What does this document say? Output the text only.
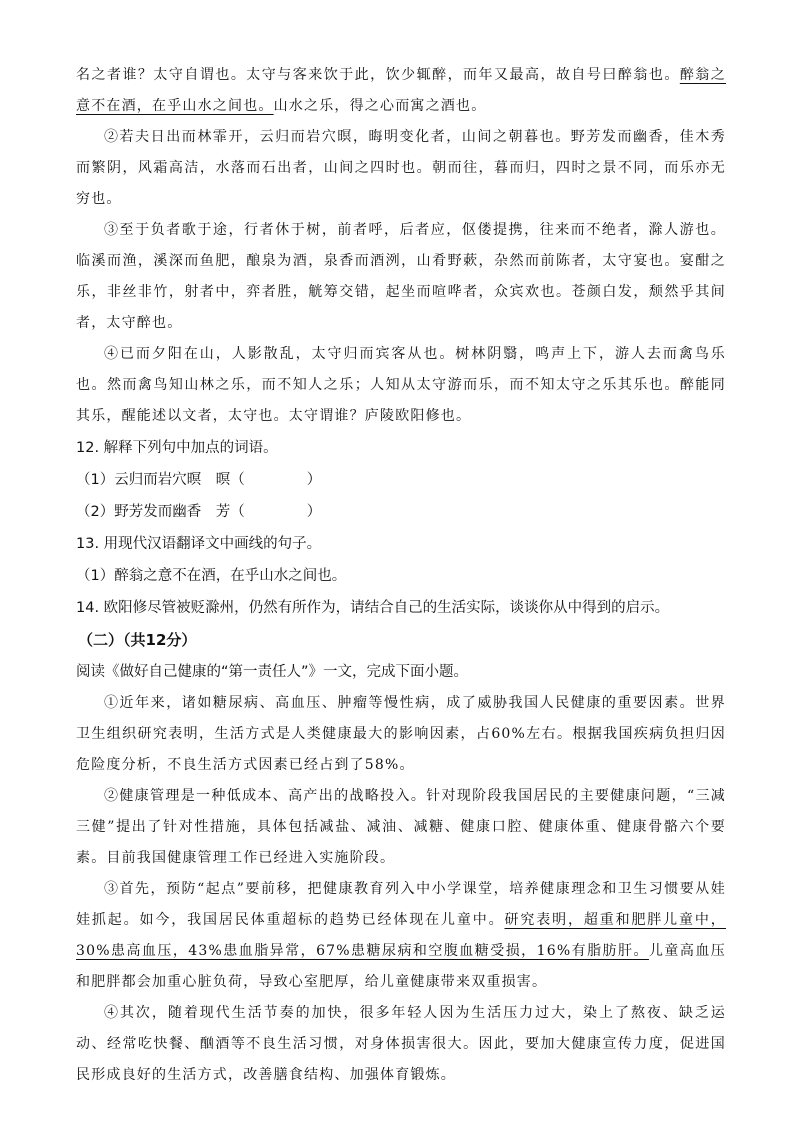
名之者谁？太守自谓也。太守与客来饮于此，饮少辄醉，而年又最高，故自号曰醉翁也。醉翁之意不在酒，在乎山水之间也。山水之乐，得之心而寓之酒也。

②若夫日出而林霏开，云归而岩穴暝，晦明变化者，山间之朝暮也。野芳发而幽香，佳木秀而繁阴，风霜高洁，水落而石出者，山间之四时也。朝而往，暮而归，四时之景不同，而乐亦无穷也。

③至于负者歌于途，行者休于树，前者呼，后者应，伛偻提携，往来而不绝者，滁人游也。临溪而渔，溪深而鱼肥，酿泉为酒，泉香而酒洌，山肴野蔌，杂然而前陈者，太守宴也。宴酣之乐，非丝非竹，射者中，弈者胜，觥筹交错，起坐而喧哗者，众宾欢也。苍颜白发，颓然乎其间者，太守醉也。

④已而夕阳在山，人影散乱，太守归而宾客从也。树林阴翳，鸣声上下，游人去而禽鸟乐也。然而禽鸟知山林之乐，而不知人之乐；人知从太守游而乐，而不知太守之乐其乐也。醉能同其乐，醒能述以文者，太守也。太守谓谁？庐陵欧阳修也。

12. 解释下列句中加点的词语。

（1）云归而岩穴暝　暝（	）

（2）野芳发而幽香　芳（	）

13. 用现代汉语翻译文中画线的句子。

（1）醉翁之意不在酒，在乎山水之间也。

14. 欧阳修尽管被贬滁州，仍然有所作为，请结合自己的生活实际，谈谈你从中得到的启示。

（二）（共12分）

阅读《做好自己健康的“第一责任人”》一文，完成下面小题。

①近年来，诸如糖尿病、高血压、肿瘤等慢性病，成了威胁我国人民健康的重要因素。世界卫生组织研究表明，生活方式是人类健康最大的影响因素，占60%左右。根据我国疾病负担归因危险度分析，不良生活方式因素已经占到了58%。

②健康管理是一种低成本、高产出的战略投入。针对现阶段我国居民的主要健康问题，“三减三健”提出了针对性措施，具体包括减盐、减油、减糖、健康口腔、健康体重、健康骨骼六个要素。目前我国健康管理工作已经进入实施阶段。

③首先，预防“起点”要前移，把健康教育列入中小学课堂，培养健康理念和卫生习惯要从娃娃抓起。如今，我国居民体重超标的趋势已经体现在儿童中。研究表明，超重和肥胖儿童中，30%患高血压，43%患血脂异常，67%患糖尿病和空腹血糖受损，16%有脂肪肝。儿童高血压和肥胖都会加重心脏负荷，导致心室肥厚，给儿童健康带来双重损害。

④其次，随着现代生活节奏的加快，很多年轻人因为生活压力过大，染上了熬夜、缺乏运动、经常吃快餐、酗酒等不良生活习惯，对身体损害很大。因此，要加大健康宣传力度，促进国民形成良好的生活方式，改善膳食结构、加强体育锻炼。
